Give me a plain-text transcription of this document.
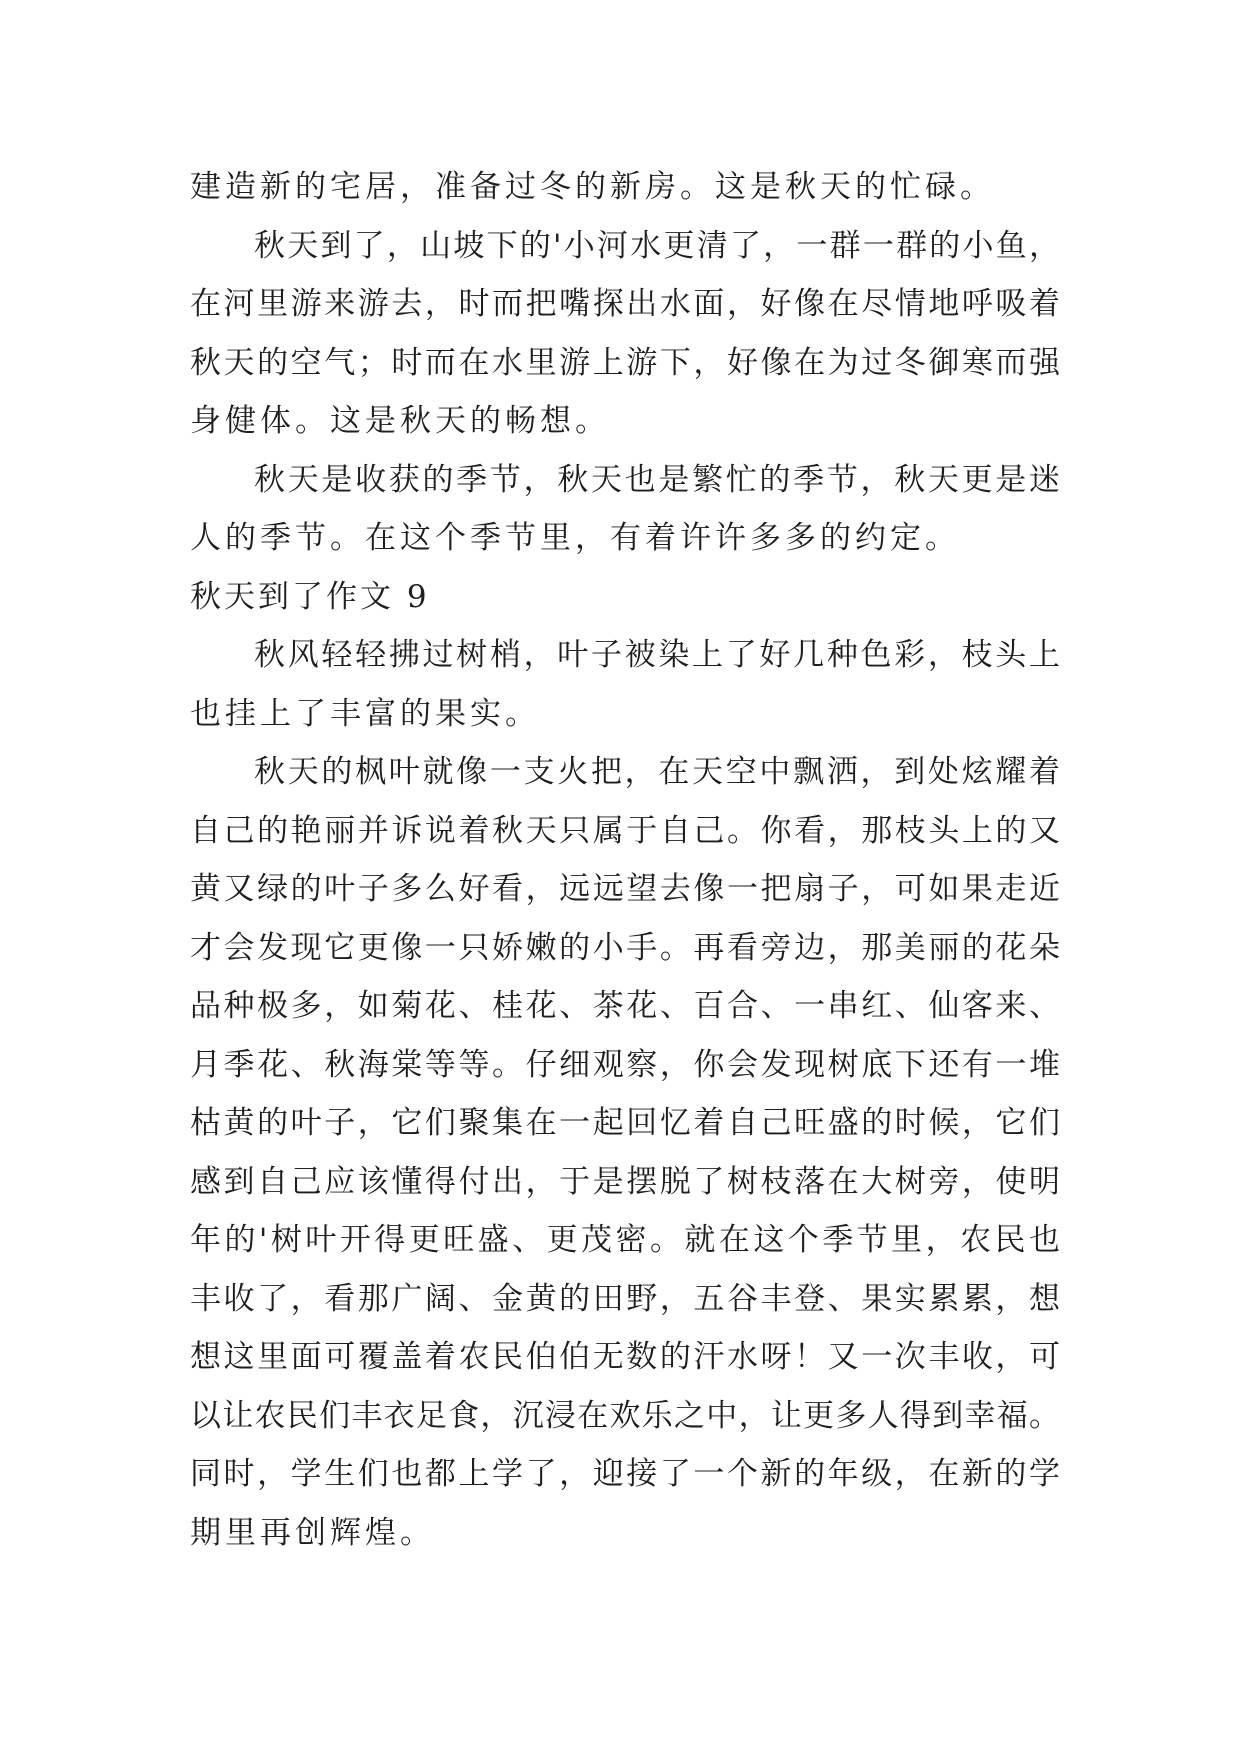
建造新的宅居，准备过冬的新房。这是秋天的忙碌。
秋天到了，山坡下的'小河水更清了，一群一群的小鱼，
在河里游来游去，时而把嘴探出水面，好像在尽情地呼吸着
秋天的空气；时而在水里游上游下，好像在为过冬御寒而强
身健体。这是秋天的畅想。
秋天是收获的季节，秋天也是繁忙的季节，秋天更是迷
人的季节。在这个季节里，有着许许多多的约定。
秋天到了作文 9
秋风轻轻拂过树梢，叶子被染上了好几种色彩，枝头上
也挂上了丰富的果实。
秋天的枫叶就像一支火把，在天空中飘洒，到处炫耀着
自己的艳丽并诉说着秋天只属于自己。你看，那枝头上的又
黄又绿的叶子多么好看，远远望去像一把扇子，可如果走近
才会发现它更像一只娇嫩的小手。再看旁边，那美丽的花朵
品种极多，如菊花、桂花、茶花、百合、一串红、仙客来、
月季花、秋海棠等等。仔细观察，你会发现树底下还有一堆
枯黄的叶子，它们聚集在一起回忆着自己旺盛的时候，它们
感到自己应该懂得付出，于是摆脱了树枝落在大树旁，使明
年的'树叶开得更旺盛、更茂密。就在这个季节里，农民也
丰收了，看那广阔、金黄的田野，五谷丰登、果实累累，想
想这里面可覆盖着农民伯伯无数的汗水呀！又一次丰收，可
以让农民们丰衣足食，沉浸在欢乐之中，让更多人得到幸福。
同时，学生们也都上学了，迎接了一个新的年级，在新的学
期里再创辉煌。
